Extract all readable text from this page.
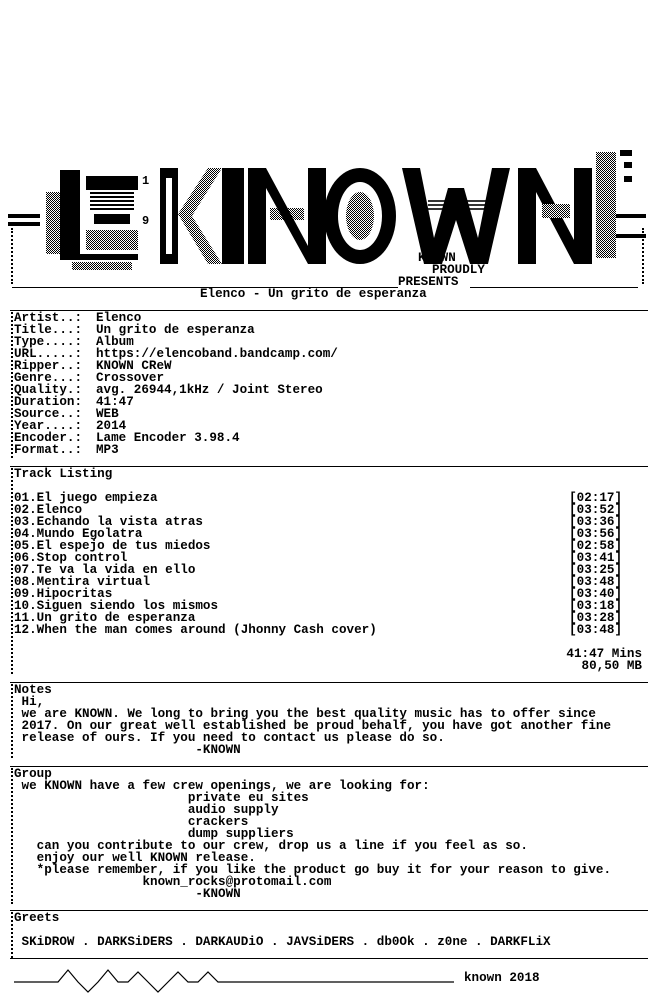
1
9
KNOWN
PROUDLY
PRESENTS
Elenco - Un grito de esperanza
Artist..: Elenco
Title...: Un grito de esperanza
Type....: Album
URL.....: https://elencoband.bandcamp.com/
Ripper..: KNOWN CReW
Genre...: Crossover
Quality.: avg. 26944,1kHz / Joint Stereo
Duration: 41:47
Source..: WEB
Year....: 2014
Encoder.: Lame Encoder 3.98.4
Format..: MP3
Track Listing
01.El juego empieza	[02:17]
02.Elenco	[03:52]
03.Echando la vista atras	[03:36]
04.Mundo Egolatra	[03:56]
05.El espejo de tus miedos	[02:58]
06.Stop control	[03:41]
07.Te va la vida en ello	[03:25]
08.Mentira virtual	[03:48]
09.Hipocritas	[03:40]
10.Siguen siendo los mismos	[03:18]
11.Un grito de esperanza	[03:28]
12.When the man comes around (Jhonny Cash cover)	[03:48]
41:47 Mins
80,50 MB
Notes
Hi,
we are KNOWN. We long to bring you the best quality music has to offer since
2017. On our great well established be proud behalf, you have got another fine
release of ours. If you need to contact us please do so.
-KNOWN
Group
we KNOWN have a few crew openings, we are looking for:
private eu sites
audio supply
crackers
dump suppliers
can you contribute to our crew, drop us a line if you feel as so.
enjoy our well KNOWN release.
*please remember, if you like the product go buy it for your reason to give.
known_rocks@protomail.com
-KNOWN
Greets
SKiDROW . DARKSiDERS . DARKAUDiO . JAVSiDERS . db0Ok . z0ne . DARKFLiX
known 2018
